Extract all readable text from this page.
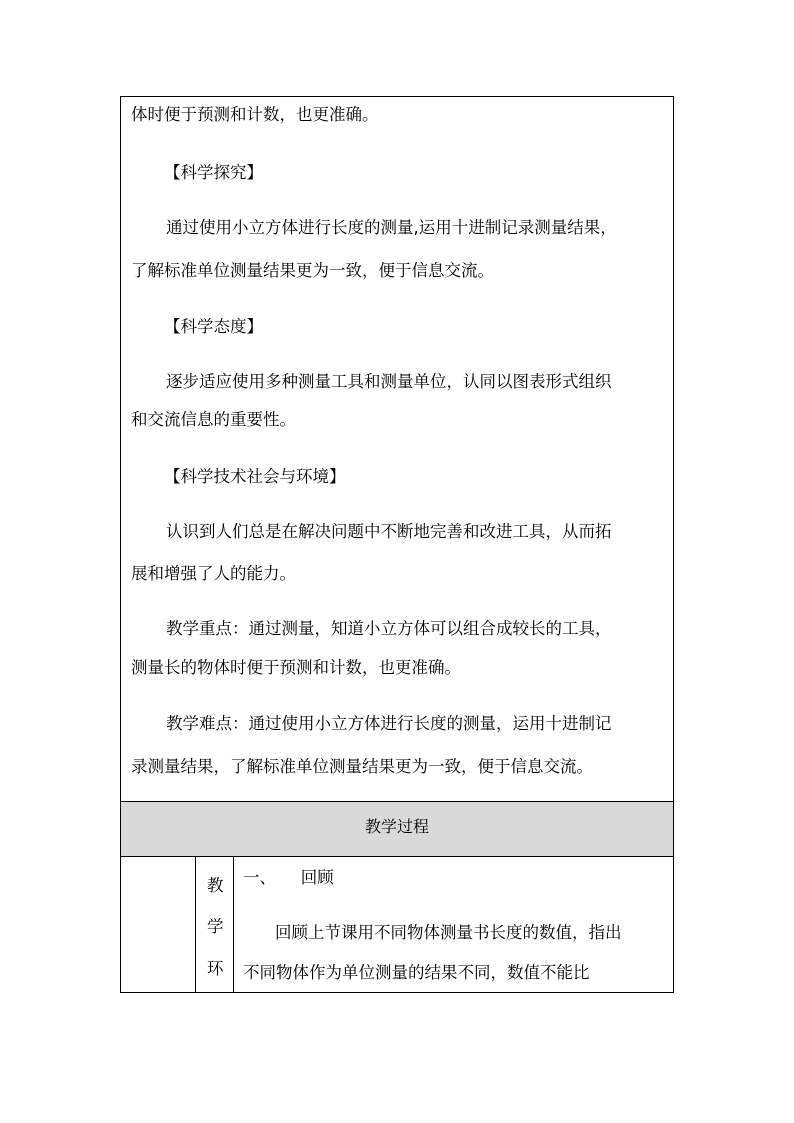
体时便于预测和计数，也更准确。
【科学探究】
通过使用小立方体进行长度的测量,运用十进制记录测量结果，
了解标准单位测量结果更为一致，便于信息交流。
【科学态度】
逐步适应使用多种测量工具和测量单位，认同以图表形式组织
和交流信息的重要性。
【科学技术社会与环境】
认识到人们总是在解决问题中不断地完善和改进工具，从而拓
展和增强了人的能力。
教学重点：通过测量，知道小立方体可以组合成较长的工具，
测量长的物体时便于预测和计数，也更准确。
教学难点：通过使用小立方体进行长度的测量，运用十进制记
录测量结果，了解标准单位测量结果更为一致，便于信息交流。
教学过程
教
学
环
一、　　回顾
回顾上节课用不同物体测量书长度的数值，指出
不同物体作为单位测量的结果不同，数值不能比
